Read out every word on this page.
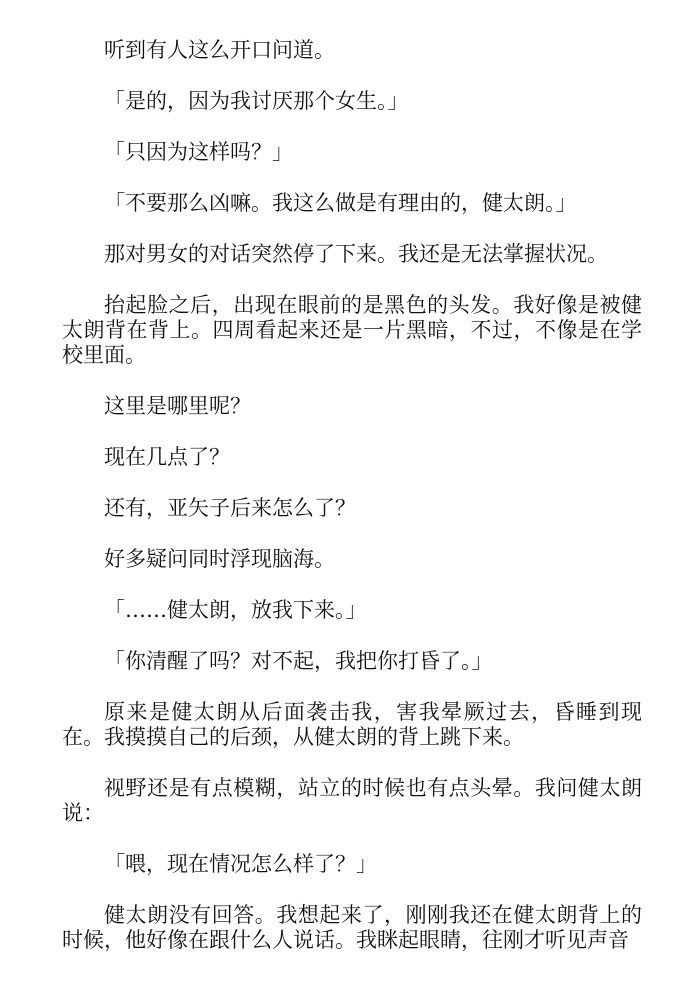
听到有人这么开口问道。

「是的，因为我讨厌那个女生。」

「只因为这样吗？」

「不要那么凶嘛。我这么做是有理由的，健太朗。」

那对男女的对话突然停了下来。我还是无法掌握状况。

抬起脸之后，出现在眼前的是黑色的头发。我好像是被健太朗背在背上。四周看起来还是一片黑暗，不过，不像是在学校里面。

这里是哪里呢？

现在几点了？

还有，亚矢子后来怎么了？

好多疑问同时浮现脑海。

「……健太朗，放我下来。」

「你清醒了吗？对不起，我把你打昏了。」

原来是健太朗从后面袭击我，害我晕厥过去，昏睡到现在。我摸摸自己的后颈，从健太朗的背上跳下来。

视野还是有点模糊，站立的时候也有点头晕。我问健太朗说：

「喂，现在情况怎么样了？」

健太朗没有回答。我想起来了，刚刚我还在健太朗背上的时候，他好像在跟什么人说话。我眯起眼睛，往刚才听见声音
